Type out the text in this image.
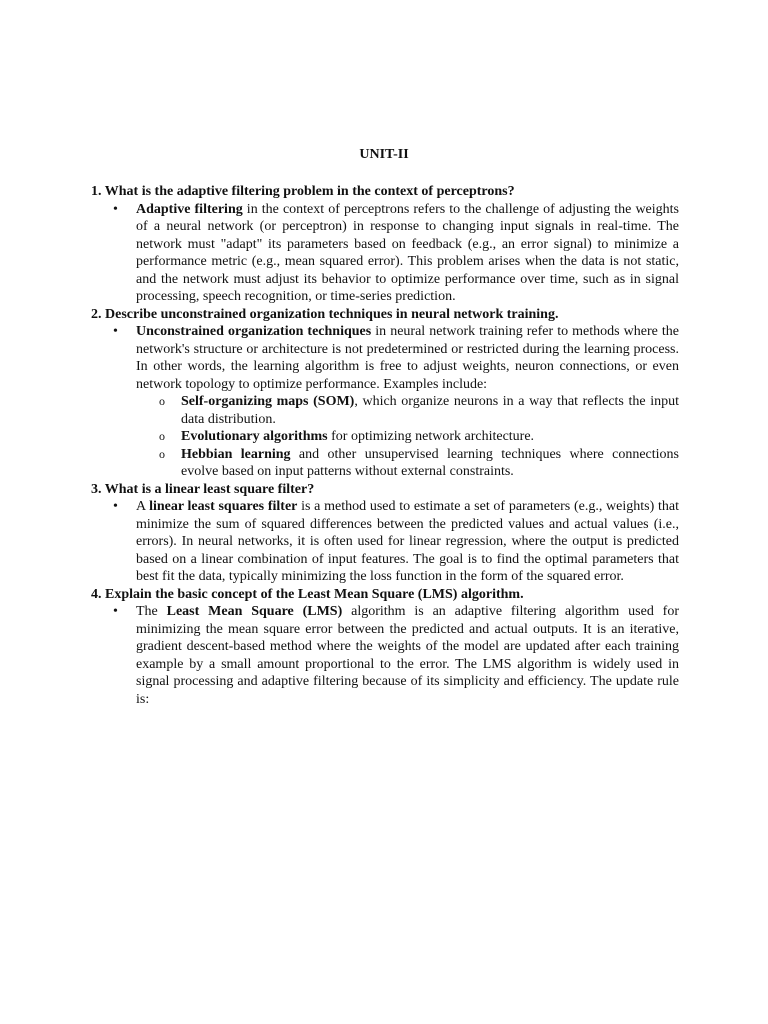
UNIT-II

1. What is the adaptive filtering problem in the context of perceptrons?

• Adaptive filtering in the context of perceptrons refers to the challenge of adjusting the weights of a neural network (or perceptron) in response to changing input signals in real-time. The network must "adapt" its parameters based on feedback (e.g., an error signal) to minimize a performance metric (e.g., mean squared error). This problem arises when the data is not static, and the network must adjust its behavior to optimize performance over time, such as in signal processing, speech recognition, or time-series prediction.

2. Describe unconstrained organization techniques in neural network training.

• Unconstrained organization techniques in neural network training refer to methods where the network's structure or architecture is not predetermined or restricted during the learning process. In other words, the learning algorithm is free to adjust weights, neuron connections, or even network topology to optimize performance. Examples include:

o Self-organizing maps (SOM), which organize neurons in a way that reflects the input data distribution.

o Evolutionary algorithms for optimizing network architecture.

o Hebbian learning and other unsupervised learning techniques where connections evolve based on input patterns without external constraints.

3. What is a linear least square filter?

• A linear least squares filter is a method used to estimate a set of parameters (e.g., weights) that minimize the sum of squared differences between the predicted values and actual values (i.e., errors). In neural networks, it is often used for linear regression, where the output is predicted based on a linear combination of input features. The goal is to find the optimal parameters that best fit the data, typically minimizing the loss function in the form of the squared error.

4. Explain the basic concept of the Least Mean Square (LMS) algorithm.

• The Least Mean Square (LMS) algorithm is an adaptive filtering algorithm used for minimizing the mean square error between the predicted and actual outputs. It is an iterative, gradient descent-based method where the weights of the model are updated after each training example by a small amount proportional to the error. The LMS algorithm is widely used in signal processing and adaptive filtering because of its simplicity and efficiency. The update rule is:
